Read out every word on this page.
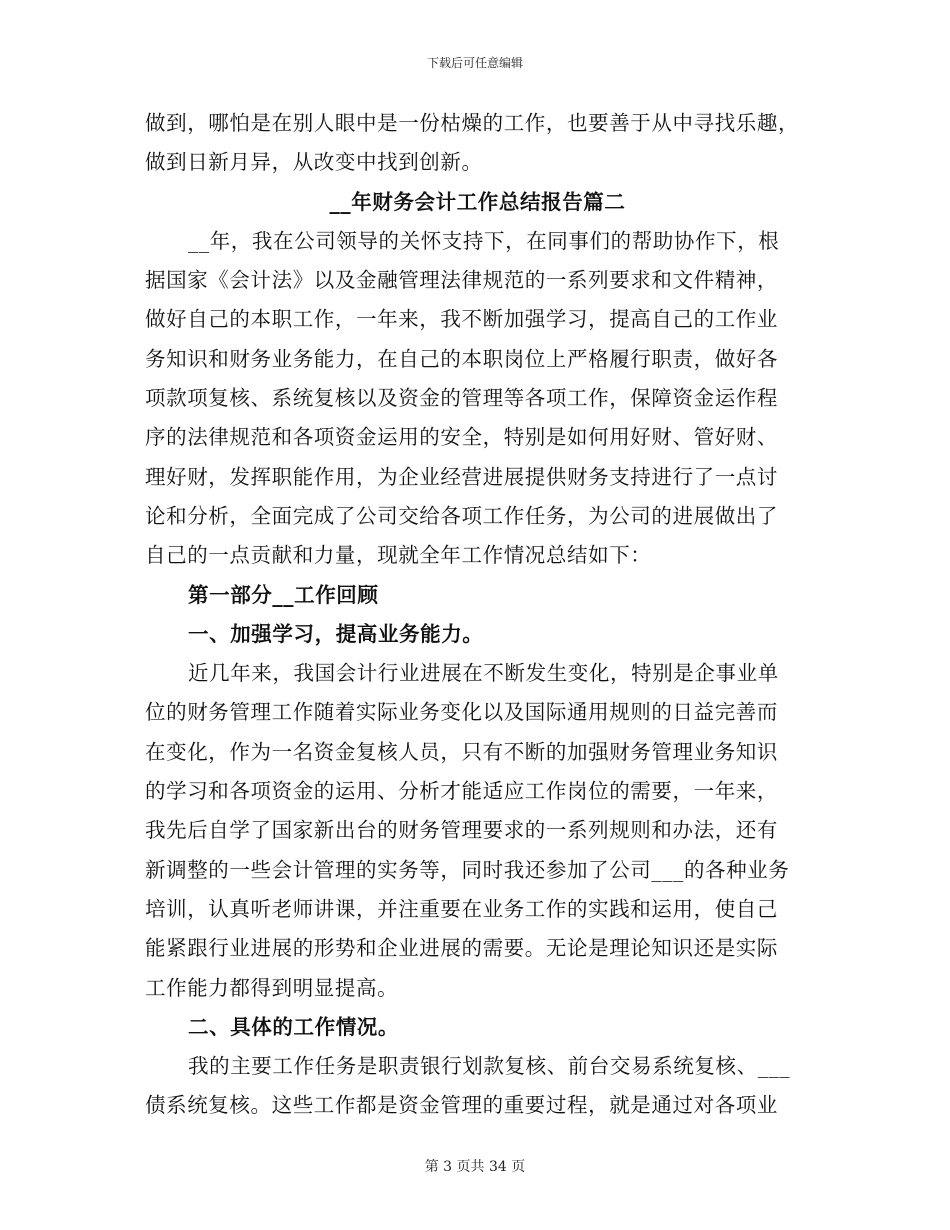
下载后可任意编辑
做到，哪怕是在别人眼中是一份枯燥的工作，也要善于从中寻找乐趣，
做到日新月异，从改变中找到创新。
__年财务会计工作总结报告篇二
__年，我在公司领导的关怀支持下，在同事们的帮助协作下，根
据国家《会计法》以及金融管理法律规范的一系列要求和文件精神，
做好自己的本职工作，一年来，我不断加强学习，提高自己的工作业
务知识和财务业务能力，在自己的本职岗位上严格履行职责，做好各
项款项复核、系统复核以及资金的管理等各项工作，保障资金运作程
序的法律规范和各项资金运用的安全，特别是如何用好财、管好财、
理好财，发挥职能作用，为企业经营进展提供财务支持进行了一点讨
论和分析，全面完成了公司交给各项工作任务，为公司的进展做出了
自己的一点贡献和力量，现就全年工作情况总结如下：
第一部分__工作回顾
一、加强学习，提高业务能力。
近几年来，我国会计行业进展在不断发生变化，特别是企事业单
位的财务管理工作随着实际业务变化以及国际通用规则的日益完善而
在变化，作为一名资金复核人员，只有不断的加强财务管理业务知识
的学习和各项资金的运用、分析才能适应工作岗位的需要，一年来，
我先后自学了国家新出台的财务管理要求的一系列规则和办法，还有
新调整的一些会计管理的实务等，同时我还参加了公司___的各种业务
培训，认真听老师讲课，并注重要在业务工作的实践和运用，使自己
能紧跟行业进展的形势和企业进展的需要。无论是理论知识还是实际
工作能力都得到明显提高。
二、具体的工作情况。
我的主要工作任务是职责银行划款复核、前台交易系统复核、___
债系统复核。这些工作都是资金管理的重要过程，就是通过对各项业
第 3 页共 34 页
